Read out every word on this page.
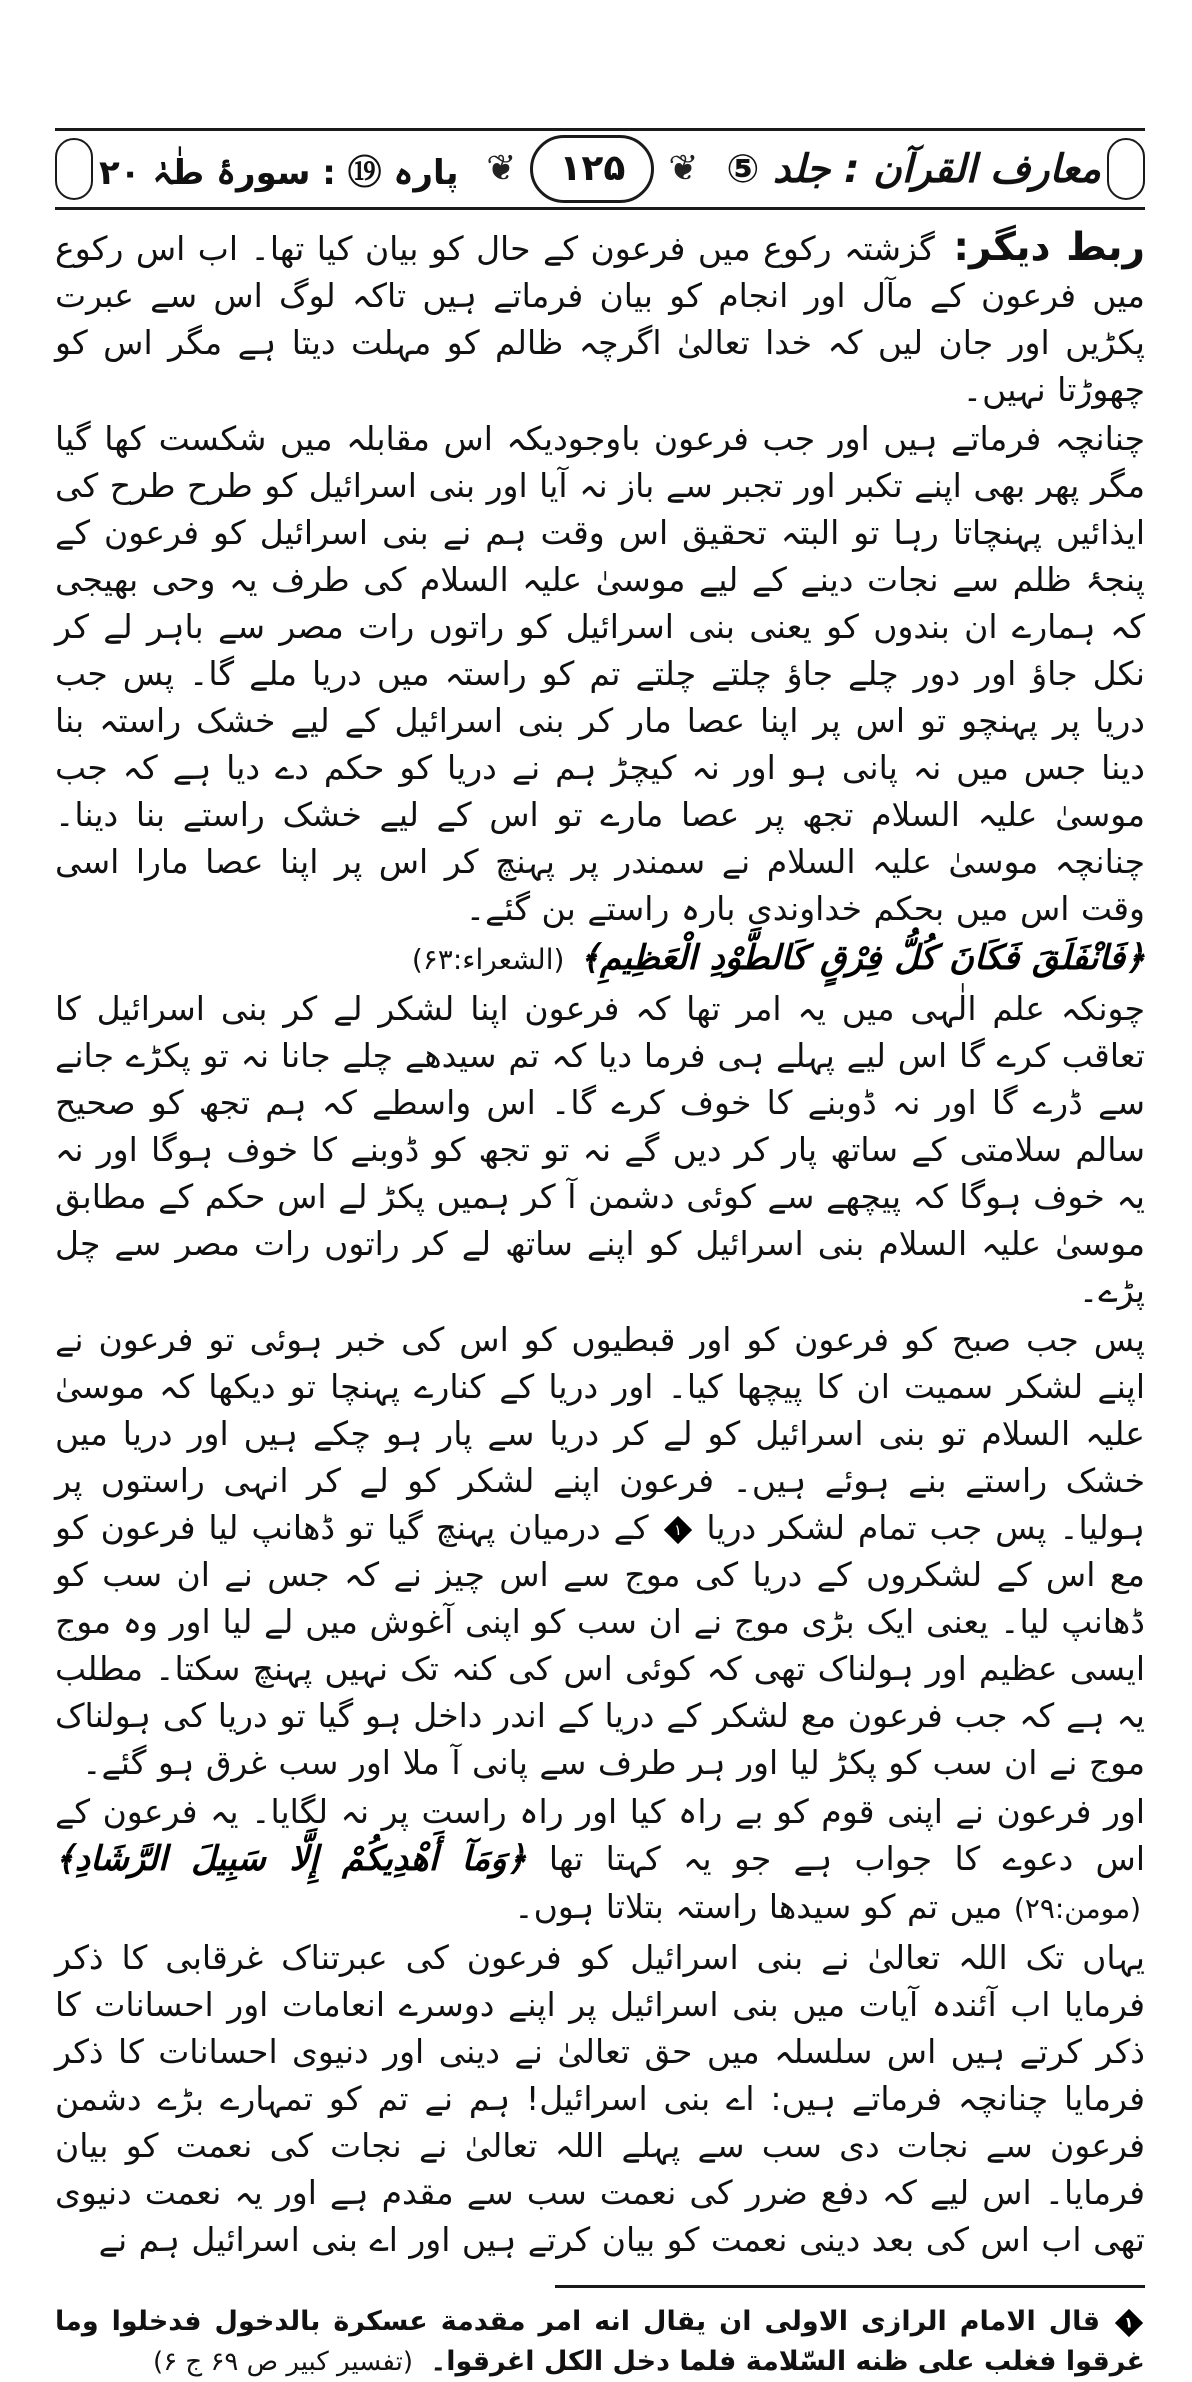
معارف القرآن : جلد ⑤
❦
۱۲۵
❦
پارہ ⑲ : سورۂ طٰہٰ ۲۰

ربط دیگر: گزشتہ رکوع میں فرعون کے حال کو بیان کیا تھا۔ اب اس رکوع میں فرعون کے مآل اور انجام کو بیان فرماتے ہیں تاکہ لوگ اس سے عبرت پکڑیں اور جان لیں کہ خدا تعالیٰ اگرچہ ظالم کو مہلت دیتا ہے مگر اس کو چھوڑتا نہیں۔

چنانچہ فرماتے ہیں اور جب فرعون باوجودیکہ اس مقابلہ میں شکست کھا گیا مگر پھر بھی اپنے تکبر اور تجبر سے باز نہ آیا اور بنی اسرائیل کو طرح طرح کی ایذائیں پہنچاتا رہا تو البتہ تحقیق اس وقت ہم نے بنی اسرائیل کو فرعون کے پنجۂ ظلم سے نجات دینے کے لیے موسیٰ علیہ السلام کی طرف یہ وحی بھیجی کہ ہمارے ان بندوں کو یعنی بنی اسرائیل کو راتوں رات مصر سے باہر لے کر نکل جاؤ اور دور چلے جاؤ چلتے چلتے تم کو راستہ میں دریا ملے گا۔ پس جب دریا پر پہنچو تو اس پر اپنا عصا مار کر بنی اسرائیل کے لیے خشک راستہ بنا دینا جس میں نہ پانی ہو اور نہ کیچڑ ہم نے دریا کو حکم دے دیا ہے کہ جب موسیٰ علیہ السلام تجھ پر عصا مارے تو اس کے لیے خشک راستے بنا دینا۔ چنانچہ موسیٰ علیہ السلام نے سمندر پر پہنچ کر اس پر اپنا عصا مارا اسی وقت اس میں بحکم خداوندی بارہ راستے بن گئے۔

﴿فَانْفَلَقَ فَكَانَ كُلُّ فِرْقٍ كَالطَّوْدِ الْعَظِيمِ﴾ (الشعراء:۶۳)

چونکہ علم الٰہی میں یہ امر تھا کہ فرعون اپنا لشکر لے کر بنی اسرائیل کا تعاقب کرے گا اس لیے پہلے ہی فرما دیا کہ تم سیدھے چلے جانا نہ تو پکڑے جانے سے ڈرے گا اور نہ ڈوبنے کا خوف کرے گا۔ اس واسطے کہ ہم تجھ کو صحیح سالم سلامتی کے ساتھ پار کر دیں گے نہ تو تجھ کو ڈوبنے کا خوف ہوگا اور نہ یہ خوف ہوگا کہ پیچھے سے کوئی دشمن آ کر ہمیں پکڑ لے اس حکم کے مطابق موسیٰ علیہ السلام بنی اسرائیل کو اپنے ساتھ لے کر راتوں رات مصر سے چل پڑے۔

پس جب صبح کو فرعون کو اور قبطیوں کو اس کی خبر ہوئی تو فرعون نے اپنے لشکر سمیت ان کا پیچھا کیا۔ اور دریا کے کنارے پہنچا تو دیکھا کہ موسیٰ علیہ السلام تو بنی اسرائیل کو لے کر دریا سے پار ہو چکے ہیں اور دریا میں خشک راستے بنے ہوئے ہیں۔ فرعون اپنے لشکر کو لے کر انہی راستوں پر ہولیا۔ پس جب تمام لشکر دریا ۱ کے درمیان پہنچ گیا تو ڈھانپ لیا فرعون کو مع اس کے لشکروں کے دریا کی موج سے اس چیز نے کہ جس نے ان سب کو ڈھانپ لیا۔ یعنی ایک بڑی موج نے ان سب کو اپنی آغوش میں لے لیا اور وہ موج ایسی عظیم اور ہولناک تھی کہ کوئی اس کی کنہ تک نہیں پہنچ سکتا۔ مطلب یہ ہے کہ جب فرعون مع لشکر کے دریا کے اندر داخل ہو گیا تو دریا کی ہولناک موج نے ان سب کو پکڑ لیا اور ہر طرف سے پانی آ ملا اور سب غرق ہو گئے۔

اور فرعون نے اپنی قوم کو بے راہ کیا اور راہ راست پر نہ لگایا۔ یہ فرعون کے اس دعوے کا جواب ہے جو یہ کہتا تھا ﴿وَمَآ أَهْدِيكُمْ إِلَّا سَبِيلَ الرَّشَادِ﴾ (مومن:۲۹) میں تم کو سیدھا راستہ بتلاتا ہوں۔

یہاں تک اللہ تعالیٰ نے بنی اسرائیل کو فرعون کی عبرتناک غرقابی کا ذکر فرمایا اب آئندہ آیات میں بنی اسرائیل پر اپنے دوسرے انعامات اور احسانات کا ذکر کرتے ہیں اس سلسلہ میں حق تعالیٰ نے دینی اور دنیوی احسانات کا ذکر فرمایا چنانچہ فرماتے ہیں: اے بنی اسرائیل! ہم نے تم کو تمہارے بڑے دشمن فرعون سے نجات دی سب سے پہلے اللہ تعالیٰ نے نجات کی نعمت کو بیان فرمایا۔ اس لیے کہ دفع ضرر کی نعمت سب سے مقدم ہے اور یہ نعمت دنیوی تھی اب اس کی بعد دینی نعمت کو بیان کرتے ہیں اور اے بنی اسرائیل ہم نے

۱ قال الامام الرازی الاولی ان یقال انه امر مقدمة عسكرة بالدخول فدخلوا وما غرقوا فغلب علی ظنه السّلامة فلما دخل الكل اغرقوا۔ (تفسیر کبیر ص ۶۹ ج ۶)
